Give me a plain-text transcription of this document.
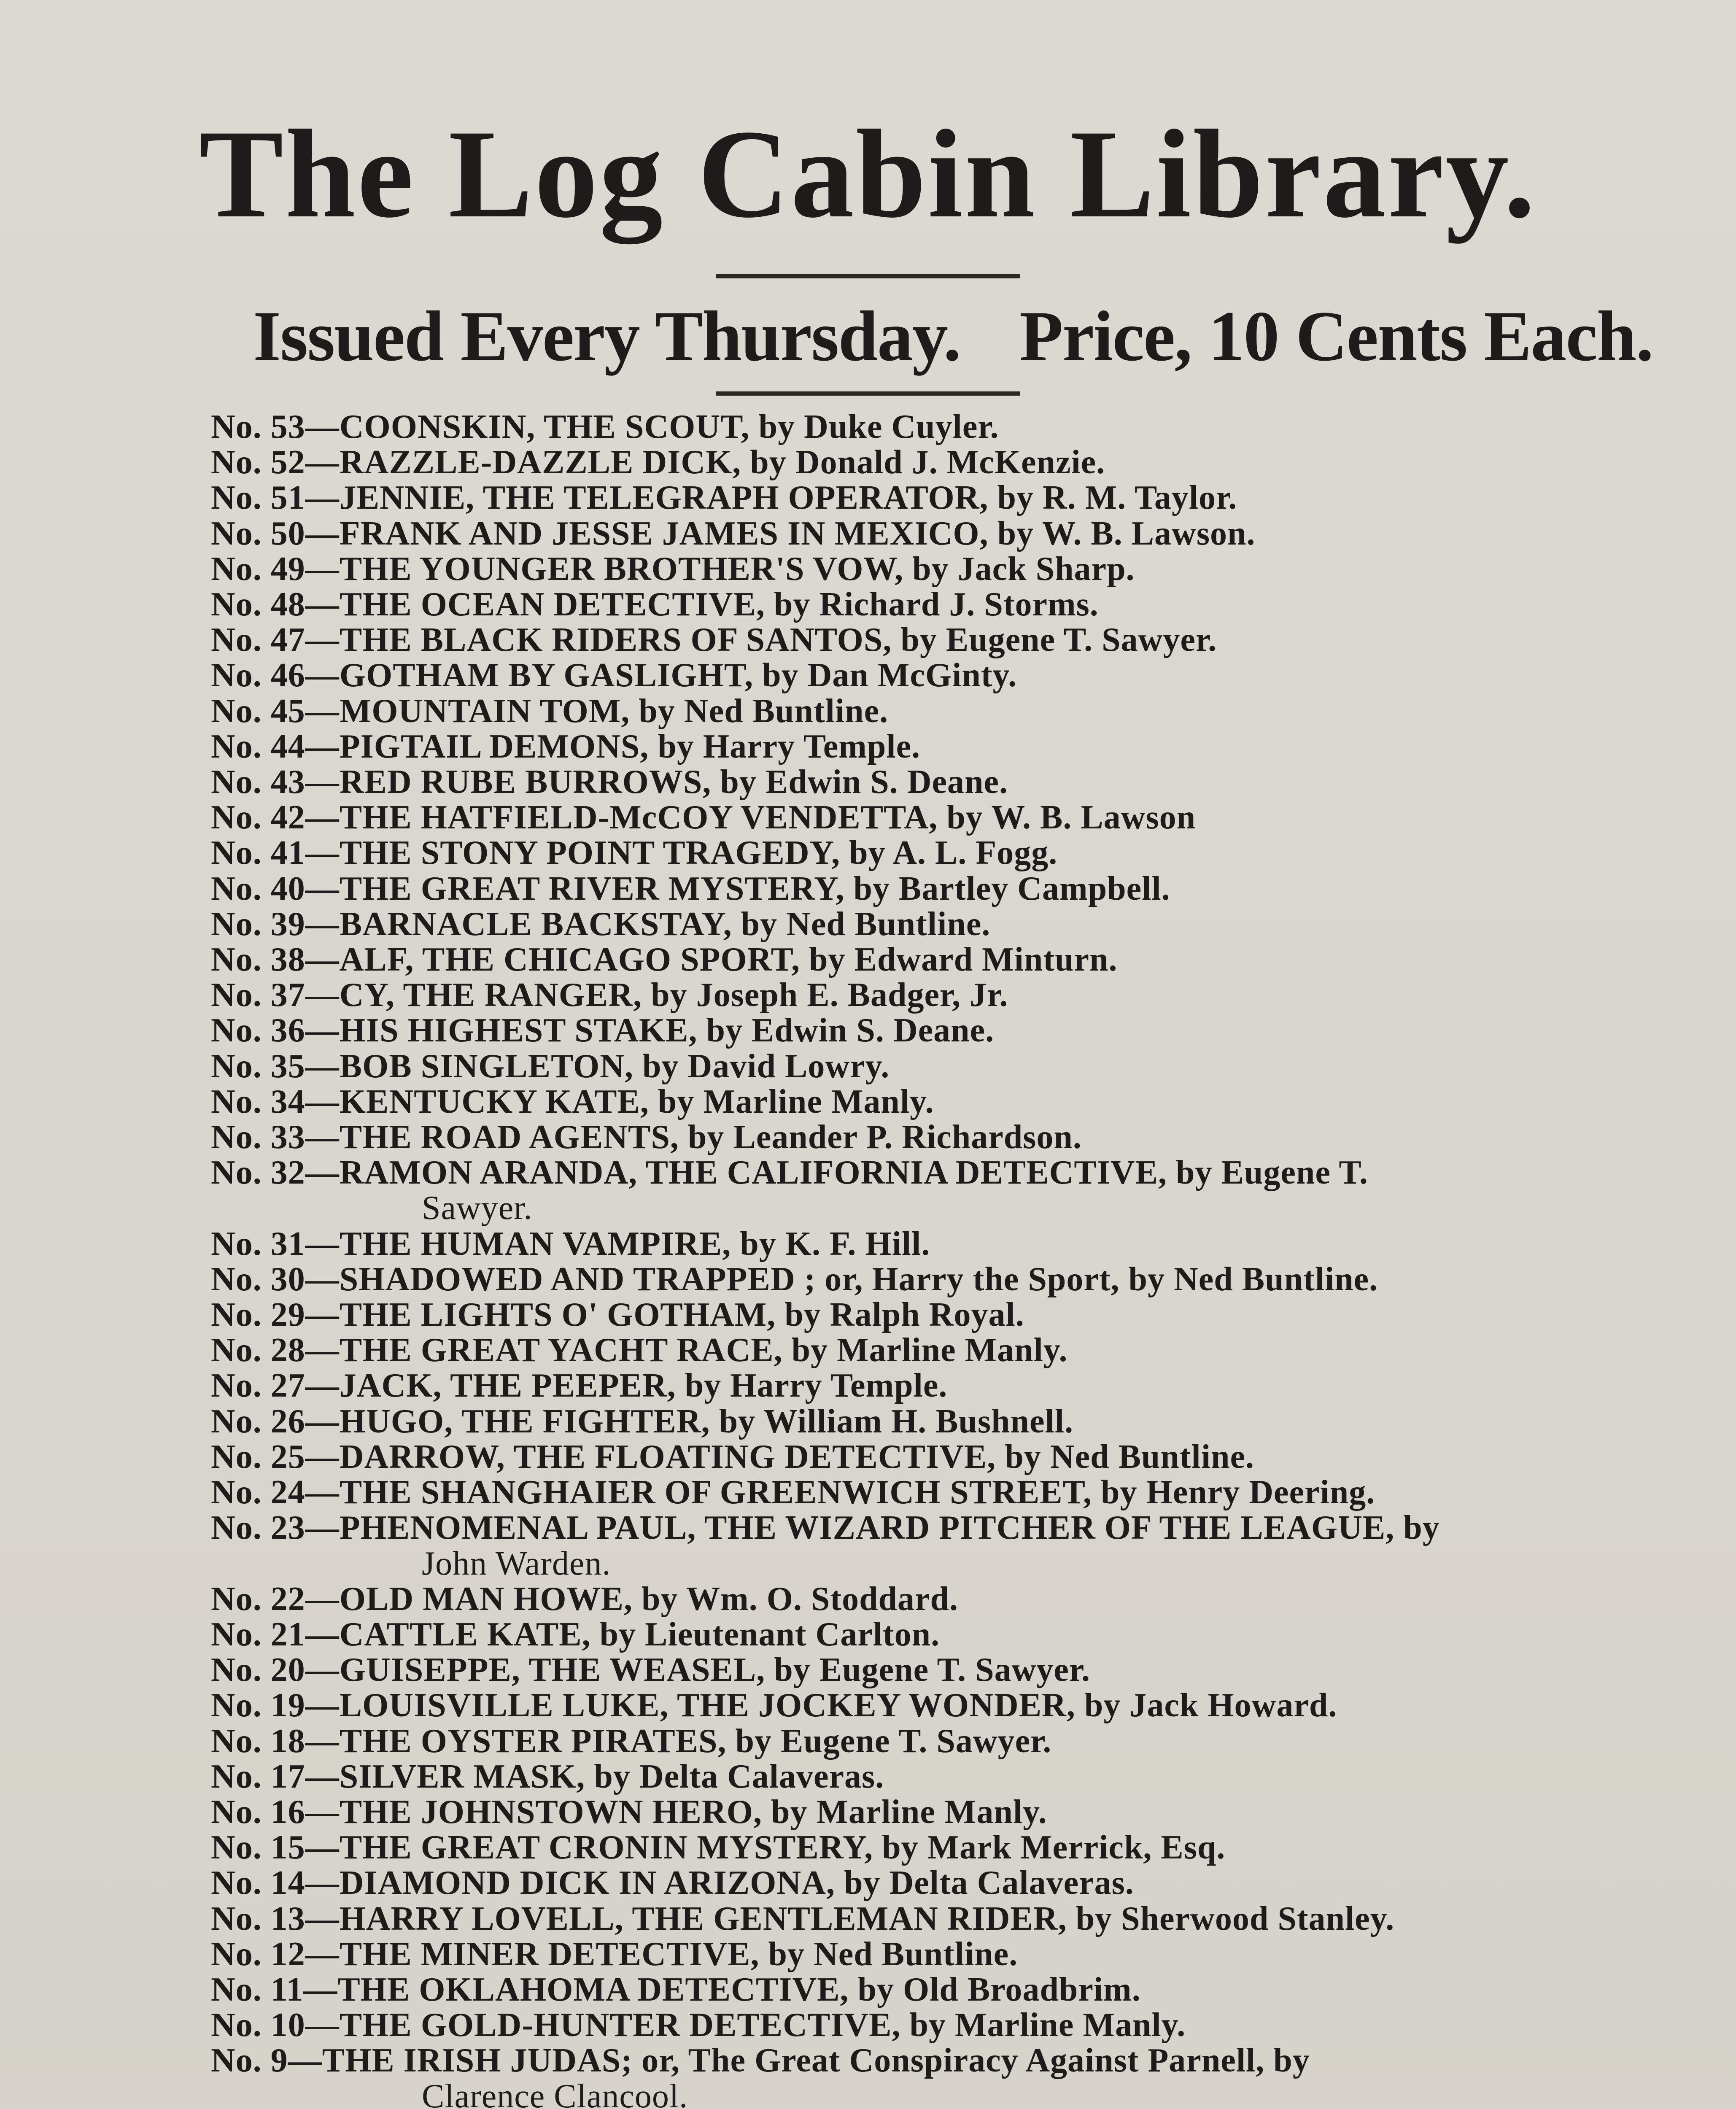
The Log Cabin Library.
Issued Every Thursday. Price, 10 Cents Each.
No. 53—COONSKIN, THE SCOUT, by Duke Cuyler.
No. 52—RAZZLE-DAZZLE DICK, by Donald J. McKenzie.
No. 51—JENNIE, THE TELEGRAPH OPERATOR, by R. M. Taylor.
No. 50—FRANK AND JESSE JAMES IN MEXICO, by W. B. Lawson.
No. 49—THE YOUNGER BROTHER'S VOW, by Jack Sharp.
No. 48—THE OCEAN DETECTIVE, by Richard J. Storms.
No. 47—THE BLACK RIDERS OF SANTOS, by Eugene T. Sawyer.
No. 46—GOTHAM BY GASLIGHT, by Dan McGinty.
No. 45—MOUNTAIN TOM, by Ned Buntline.
No. 44—PIGTAIL DEMONS, by Harry Temple.
No. 43—RED RUBE BURROWS, by Edwin S. Deane.
No. 42—THE HATFIELD-McCOY VENDETTA, by W. B. Lawson
No. 41—THE STONY POINT TRAGEDY, by A. L. Fogg.
No. 40—THE GREAT RIVER MYSTERY, by Bartley Campbell.
No. 39—BARNACLE BACKSTAY, by Ned Buntline.
No. 38—ALF, THE CHICAGO SPORT, by Edward Minturn.
No. 37—CY, THE RANGER, by Joseph E. Badger, Jr.
No. 36—HIS HIGHEST STAKE, by Edwin S. Deane.
No. 35—BOB SINGLETON, by David Lowry.
No. 34—KENTUCKY KATE, by Marline Manly.
No. 33—THE ROAD AGENTS, by Leander P. Richardson.
No. 32—RAMON ARANDA, THE CALIFORNIA DETECTIVE, by Eugene T.
Sawyer.
No. 31—THE HUMAN VAMPIRE, by K. F. Hill.
No. 30—SHADOWED AND TRAPPED ; or, Harry the Sport, by Ned Buntline.
No. 29—THE LIGHTS O' GOTHAM, by Ralph Royal.
No. 28—THE GREAT YACHT RACE, by Marline Manly.
No. 27—JACK, THE PEEPER, by Harry Temple.
No. 26—HUGO, THE FIGHTER, by William H. Bushnell.
No. 25—DARROW, THE FLOATING DETECTIVE, by Ned Buntline.
No. 24—THE SHANGHAIER OF GREENWICH STREET, by Henry Deering.
No. 23—PHENOMENAL PAUL, THE WIZARD PITCHER OF THE LEAGUE, by
John Warden.
No. 22—OLD MAN HOWE, by Wm. O. Stoddard.
No. 21—CATTLE KATE, by Lieutenant Carlton.
No. 20—GUISEPPE, THE WEASEL, by Eugene T. Sawyer.
No. 19—LOUISVILLE LUKE, THE JOCKEY WONDER, by Jack Howard.
No. 18—THE OYSTER PIRATES, by Eugene T. Sawyer.
No. 17—SILVER MASK, by Delta Calaveras.
No. 16—THE JOHNSTOWN HERO, by Marline Manly.
No. 15—THE GREAT CRONIN MYSTERY, by Mark Merrick, Esq.
No. 14—DIAMOND DICK IN ARIZONA, by Delta Calaveras.
No. 13—HARRY LOVELL, THE GENTLEMAN RIDER, by Sherwood Stanley.
No. 12—THE MINER DETECTIVE, by Ned Buntline.
No. 11—THE OKLAHOMA DETECTIVE, by Old Broadbrim.
No. 10—THE GOLD-HUNTER DETECTIVE, by Marline Manly.
No. 9—THE IRISH JUDAS; or, The Great Conspiracy Against Parnell, by
Clarence Clancool.
